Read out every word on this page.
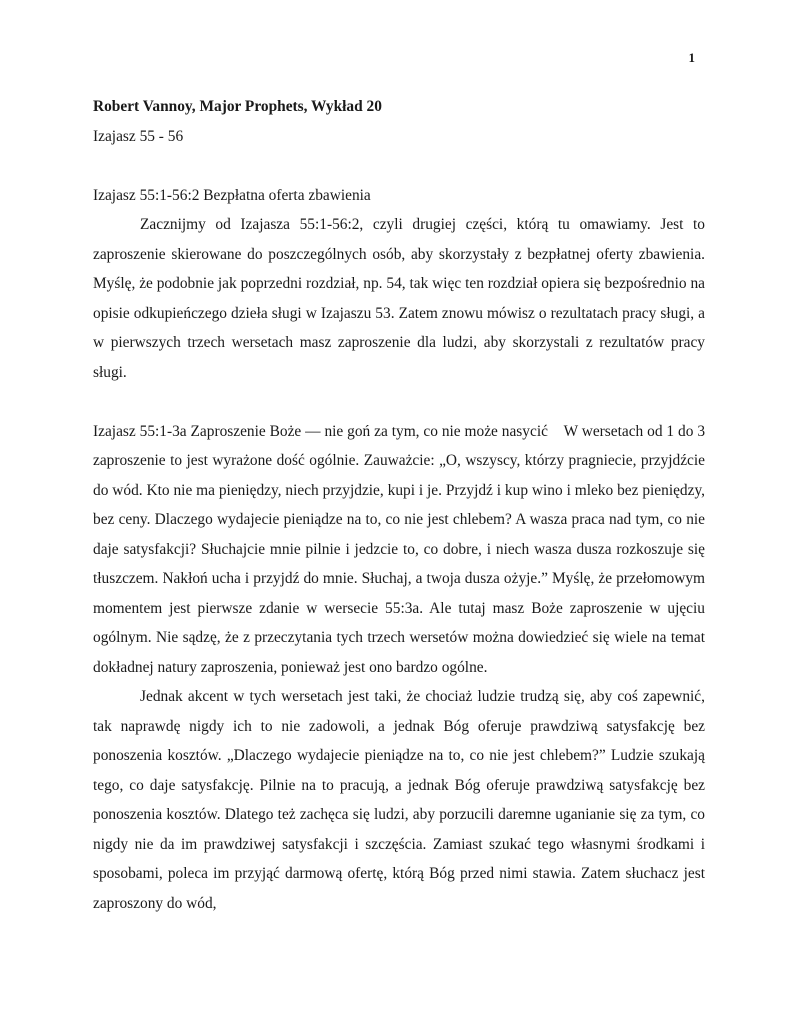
1

Robert Vannoy, Major Prophets, Wykład 20

Izajasz 55 - 56

Izajasz 55:1-56:2 Bezpłatna oferta zbawienia

Zacznijmy od Izajasza 55:1-56:2, czyli drugiej części, którą tu omawiamy. Jest to zaproszenie skierowane do poszczególnych osób, aby skorzystały z bezpłatnej oferty zbawienia. Myślę, że podobnie jak poprzedni rozdział, np. 54, tak więc ten rozdział opiera się bezpośrednio na opisie odkupieńczego dzieła sługi w Izajaszu 53. Zatem znowu mówisz o rezultatach pracy sługi, a w pierwszych trzech wersetach masz zaproszenie dla ludzi, aby skorzystali z rezultatów pracy sługi.

Izajasz 55:1-3a Zaproszenie Boże — nie goń za tym, co nie może nasycić W wersetach od 1 do 3 zaproszenie to jest wyrażone dość ogólnie. Zauważcie: „O, wszyscy, którzy pragniecie, przyjdźcie do wód. Kto nie ma pieniędzy, niech przyjdzie, kupi i je. Przyjdź i kup wino i mleko bez pieniędzy, bez ceny. Dlaczego wydajecie pieniądze na to, co nie jest chlebem? A wasza praca nad tym, co nie daje satysfakcji? Słuchajcie mnie pilnie i jedzcie to, co dobre, i niech wasza dusza rozkoszuje się tłuszczem. Nakłoń ucha i przyjdź do mnie. Słuchaj, a twoja dusza ożyje.” Myślę, że przełomowym momentem jest pierwsze zdanie w wersecie 55:3a. Ale tutaj masz Boże zaproszenie w ujęciu ogólnym. Nie sądzę, że z przeczytania tych trzech wersetów można dowiedzieć się wiele na temat dokładnej natury zaproszenia, ponieważ jest ono bardzo ogólne.

Jednak akcent w tych wersetach jest taki, że chociaż ludzie trudzą się, aby coś zapewnić, tak naprawdę nigdy ich to nie zadowoli, a jednak Bóg oferuje prawdziwą satysfakcję bez ponoszenia kosztów. „Dlaczego wydajecie pieniądze na to, co nie jest chlebem?” Ludzie szukają tego, co daje satysfakcję. Pilnie na to pracują, a jednak Bóg oferuje prawdziwą satysfakcję bez ponoszenia kosztów. Dlatego też zachęca się ludzi, aby porzucili daremne uganianie się za tym, co nigdy nie da im prawdziwej satysfakcji i szczęścia. Zamiast szukać tego własnymi środkami i sposobami, poleca im przyjąć darmową ofertę, którą Bóg przed nimi stawia. Zatem słuchacz jest zaproszony do wód,
